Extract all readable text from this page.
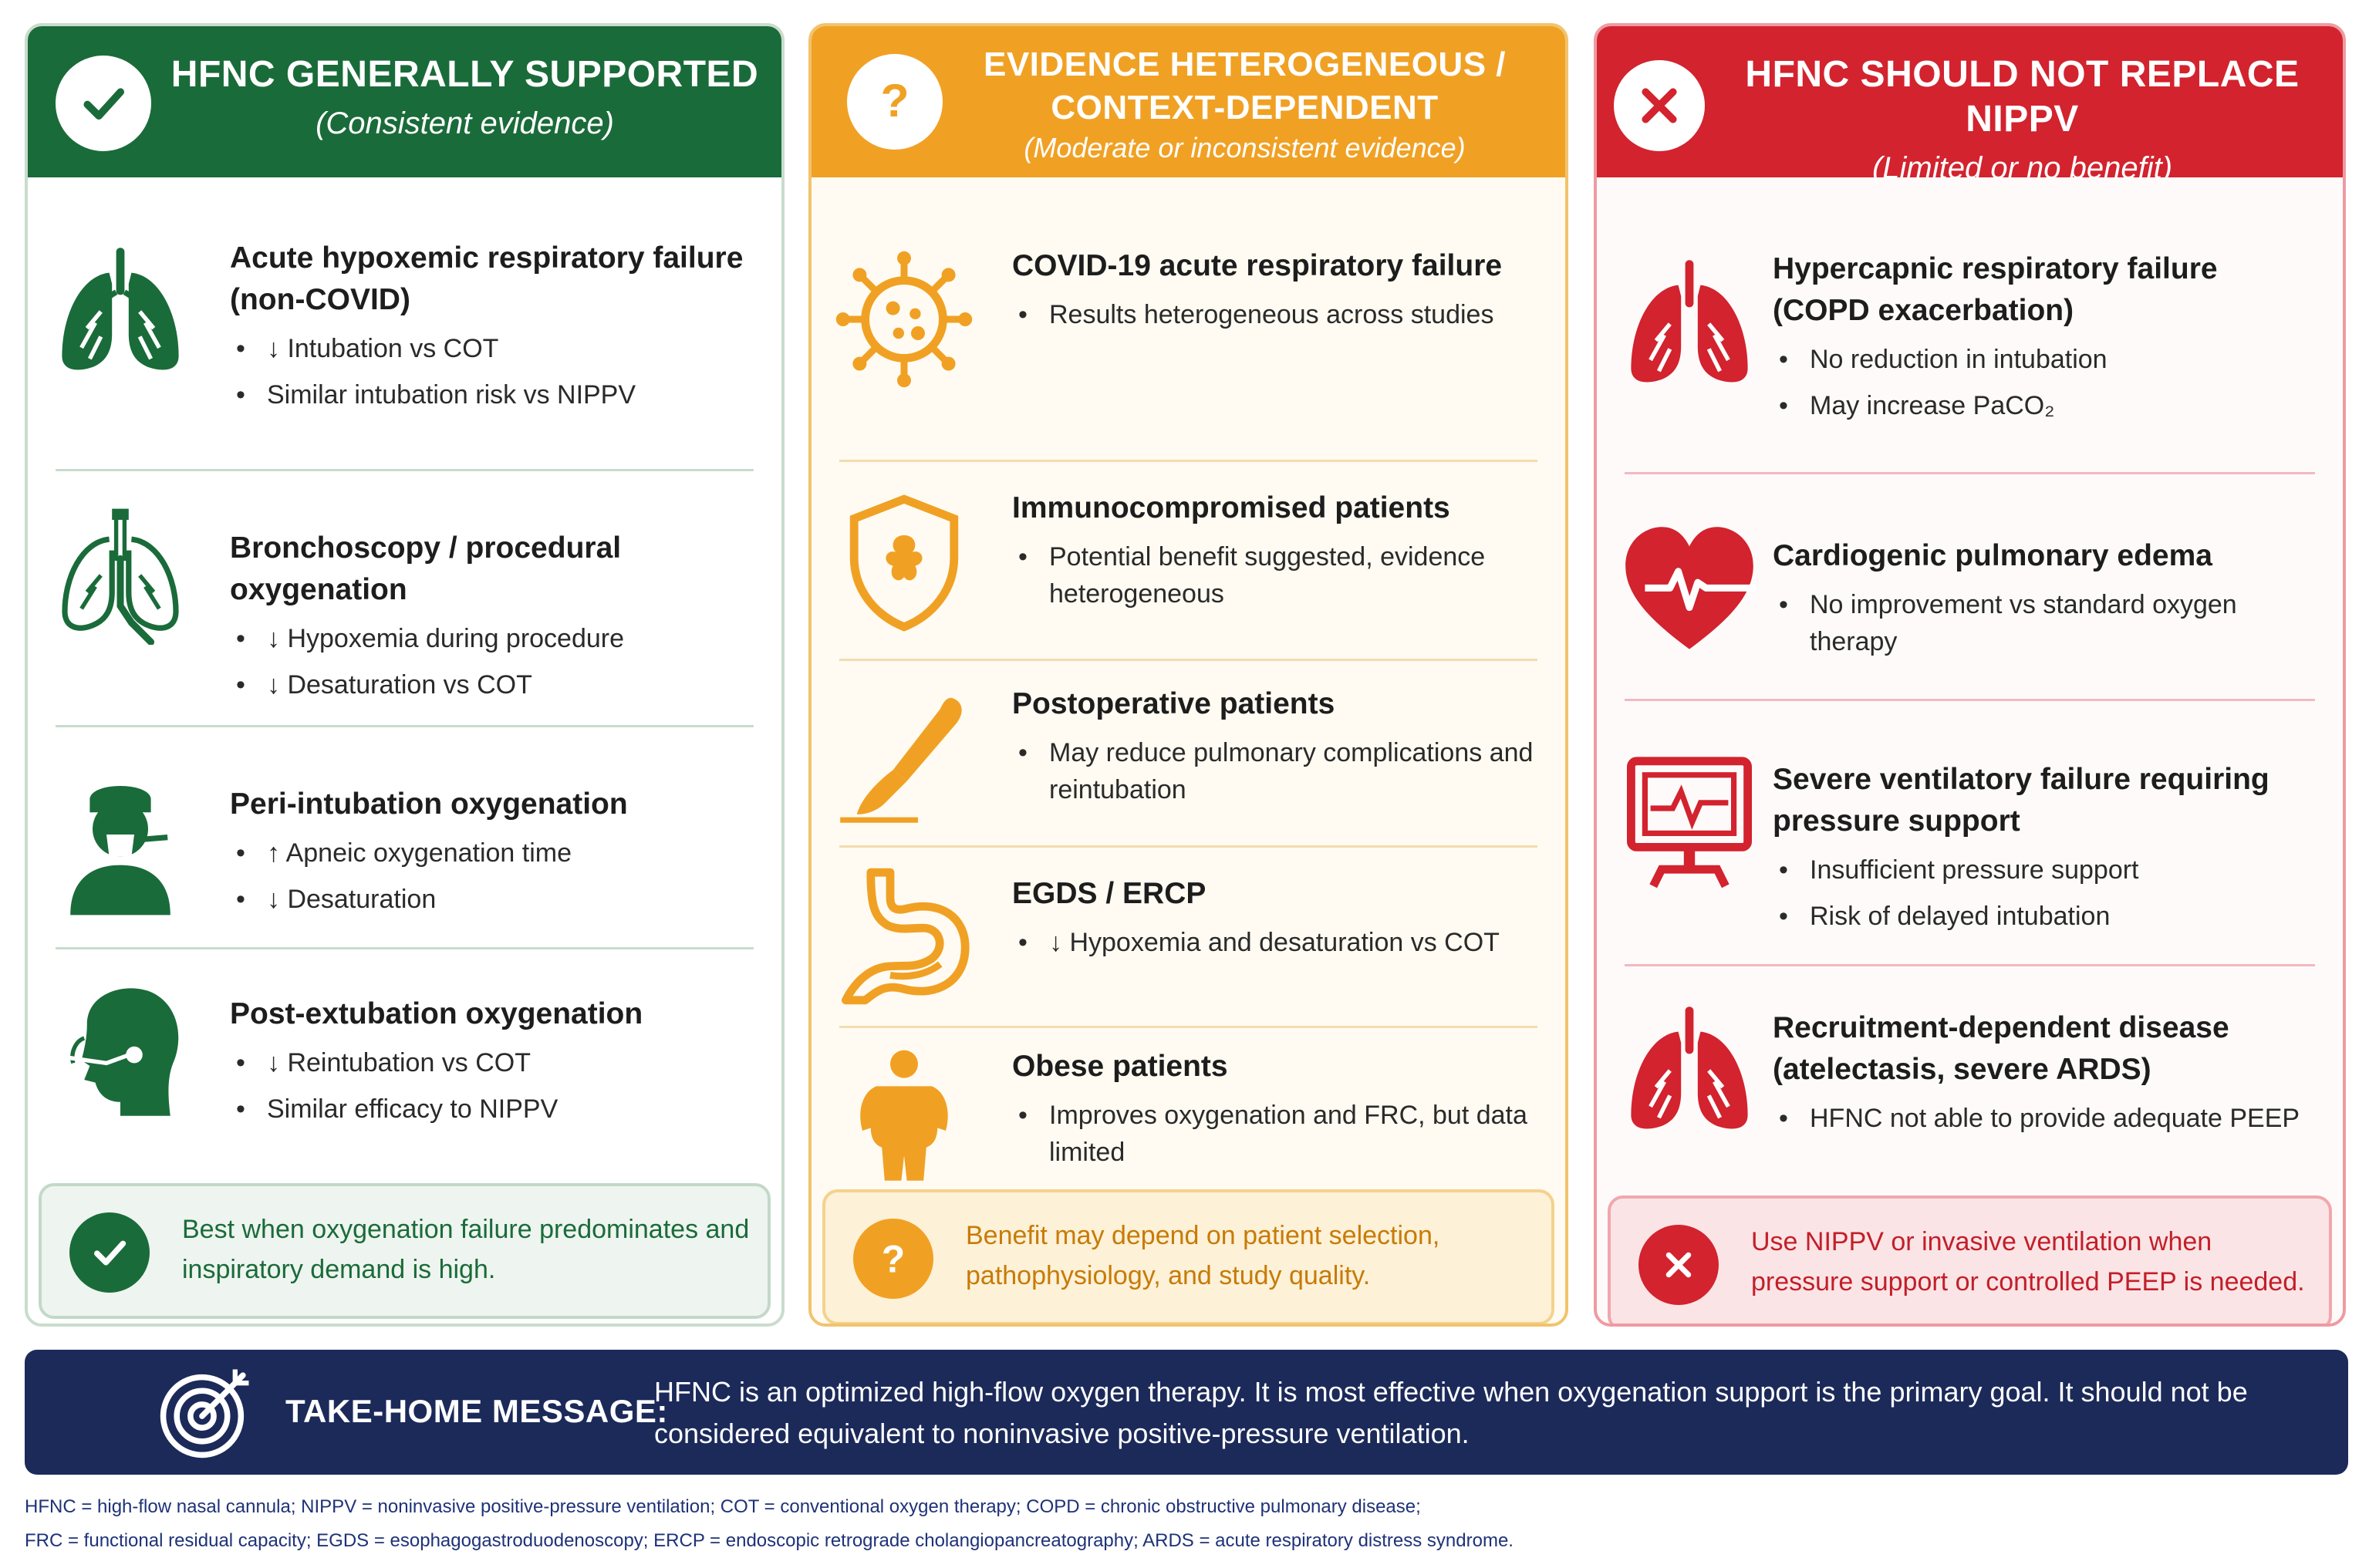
HFNC GENERALLY SUPPORTED
(Consistent evidence)
Acute hypoxemic respiratory failure (non-COVID)
• ↓ Intubation vs COT
• Similar intubation risk vs NIPPV
Bronchoscopy / procedural oxygenation
• ↓ Hypoxemia during procedure
• ↓ Desaturation vs COT
Peri-intubation oxygenation
• ↑ Apneic oxygenation time
• ↓ Desaturation
Post-extubation oxygenation
• ↓ Reintubation vs COT
• Similar efficacy to NIPPV
Best when oxygenation failure predominates and inspiratory demand is high.
?
EVIDENCE HETEROGENEOUS / CONTEXT-DEPENDENT
(Moderate or inconsistent evidence)
COVID-19 acute respiratory failure
• Results heterogeneous across studies
Immunocompromised patients
• Potential benefit suggested, evidence heterogeneous
Postoperative patients
• May reduce pulmonary complications and reintubation
EGDS / ERCP
• ↓ Hypoxemia and desaturation vs COT
Obese patients
• Improves oxygenation and FRC, but data limited
?
Benefit may depend on patient selection, pathophysiology, and study quality.
HFNC SHOULD NOT REPLACE NIPPV
(Limited or no benefit)
Hypercapnic respiratory failure (COPD exacerbation)
• No reduction in intubation
• May increase PaCO₂
Cardiogenic pulmonary edema
• No improvement vs standard oxygen therapy
Severe ventilatory failure requiring pressure support
• Insufficient pressure support
• Risk of delayed intubation
Recruitment-dependent disease (atelectasis, severe ARDS)
• HFNC not able to provide adequate PEEP
Use NIPPV or invasive ventilation when pressure support or controlled PEEP is needed.
TAKE-HOME MESSAGE:
HFNC is an optimized high-flow oxygen therapy. It is most effective when oxygenation support is the primary goal. It should not be considered equivalent to noninvasive positive-pressure ventilation.
HFNC = high-flow nasal cannula; NIPPV = noninvasive positive-pressure ventilation; COT = conventional oxygen therapy; COPD = chronic obstructive pulmonary disease;
FRC = functional residual capacity; EGDS = esophagogastroduodenoscopy; ERCP = endoscopic retrograde cholangiopancreatography; ARDS = acute respiratory distress syndrome.
